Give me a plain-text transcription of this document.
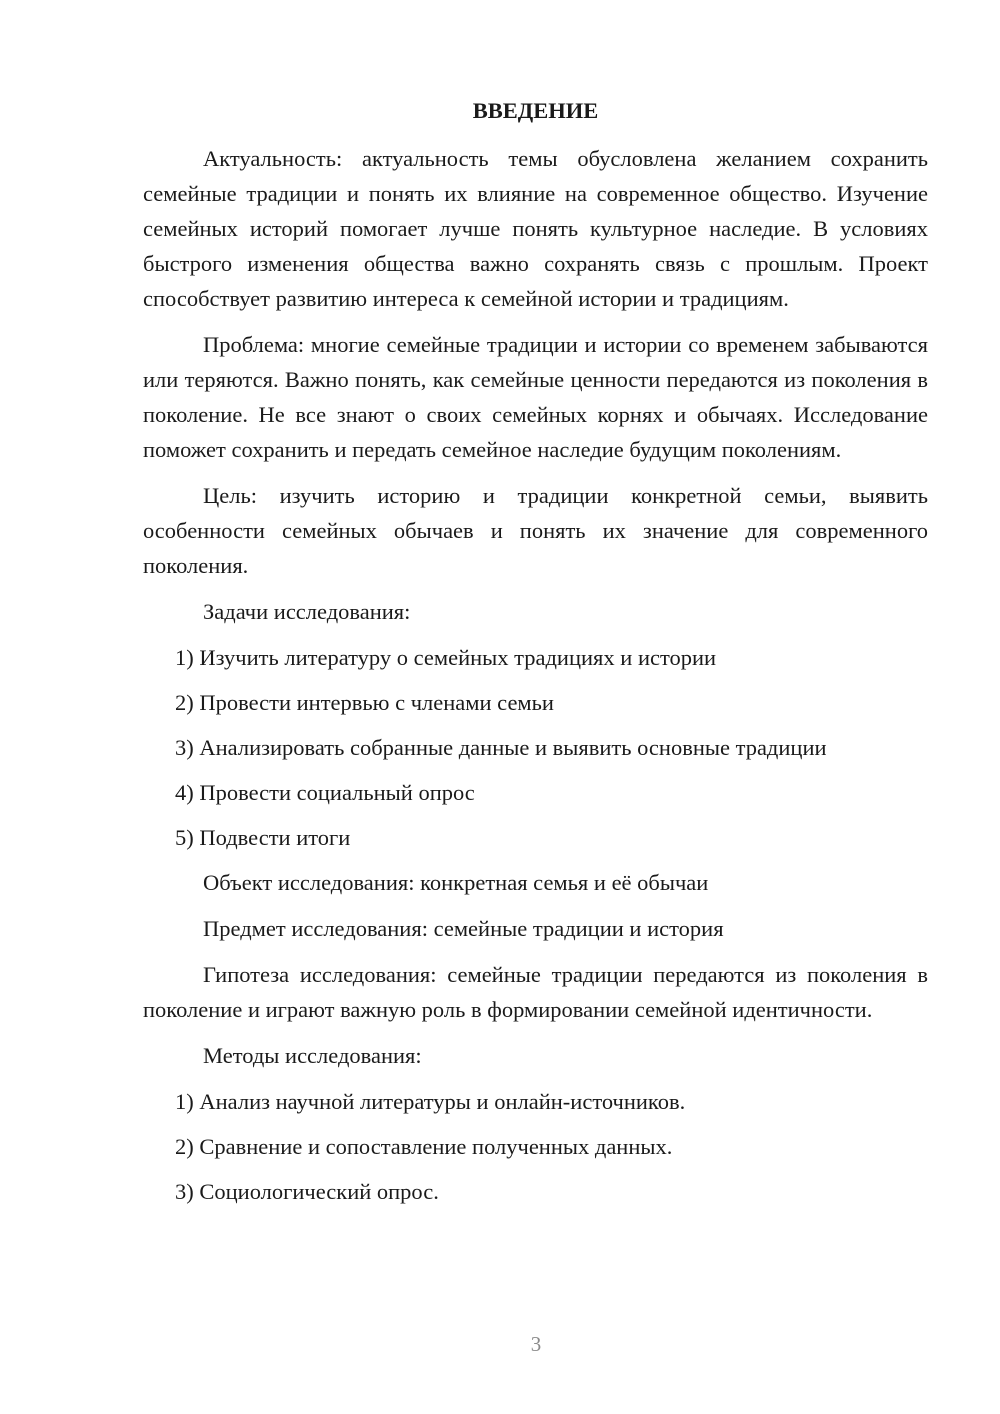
ВВЕДЕНИЕ

Актуальность: актуальность темы обусловлена желанием сохранить семейные традиции и понять их влияние на современное общество. Изучение семейных историй помогает лучше понять культурное наследие. В условиях быстрого изменения общества важно сохранять связь с прошлым. Проект способствует развитию интереса к семейной истории и традициям.

Проблема: многие семейные традиции и истории со временем забываются или теряются. Важно понять, как семейные ценности передаются из поколения в поколение. Не все знают о своих семейных корнях и обычаях. Исследование поможет сохранить и передать семейное наследие будущим поколениям.

Цель: изучить историю и традиции конкретной семьи, выявить особенности семейных обычаев и понять их значение для современного поколения.

Задачи исследования:

1) Изучить литературу о семейных традициях и истории

2) Провести интервью с членами семьи

3) Анализировать собранные данные и выявить основные традиции

4) Провести социальный опрос

5) Подвести итоги

Объект исследования: конкретная семья и её обычаи

Предмет исследования: семейные традиции и история

Гипотеза исследования: семейные традиции передаются из поколения в поколение и играют важную роль в формировании семейной идентичности.

Методы исследования:

1) Анализ научной литературы и онлайн-источников.

2) Сравнение и сопоставление полученных данных.

3) Социологический опрос.

3
